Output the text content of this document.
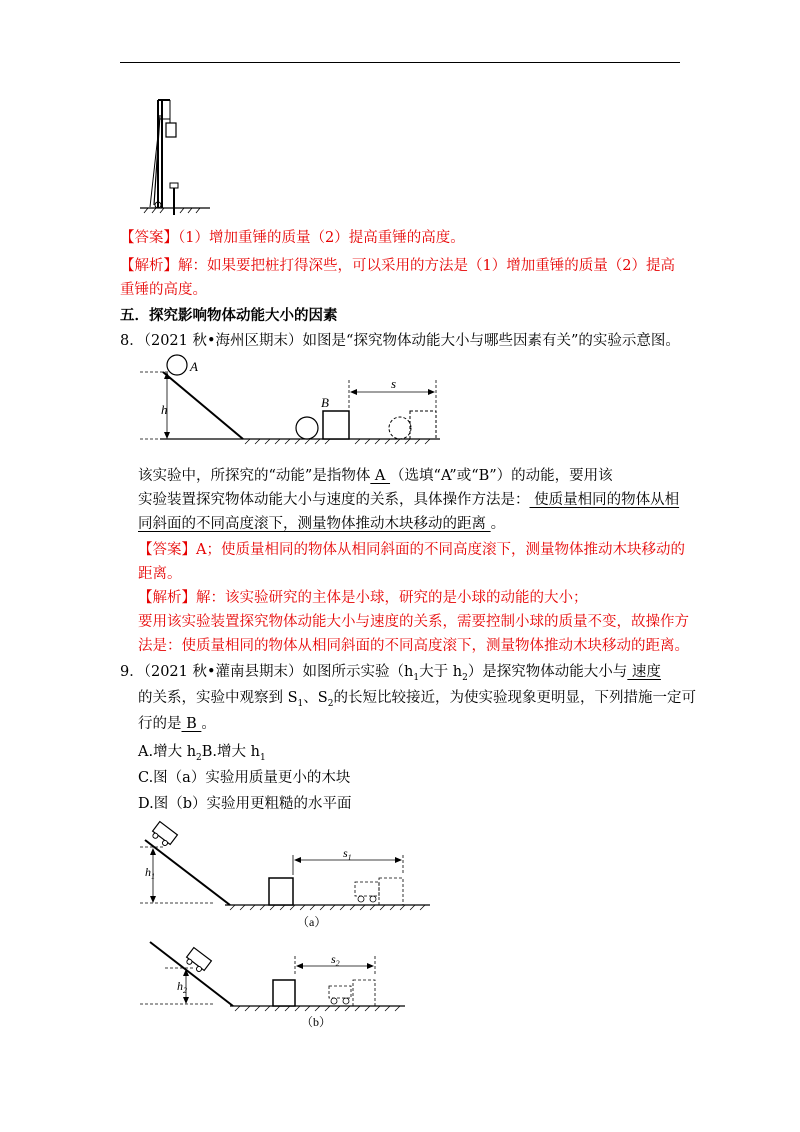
【答案】（1）增加重锤的质量（2）提高重锤的高度。
【解析】解：如果要把桩打得深些，可以采用的方法是（1）增加重锤的质量（2）提高
重锤的高度。
五．探究影响物体动能大小的因素
8．（2021 秋•海州区期末）如图是“探究物体动能大小与哪些因素有关”的实验示意图。
h
A
B
s
该实验中，所探究的“动能”是指物体 A （选填“A”或“B”）的动能，要用该
实验装置探究物体动能大小与速度的关系，具体操作方法是： 使质量相同的物体从相
同斜面的不同高度滚下，测量物体推动木块移动的距离 。
【答案】A；使质量相同的物体从相同斜面的不同高度滚下，测量物体推动木块移动的
距离。
【解析】解：该实验研究的主体是小球，研究的是小球的动能的大小；
要用该实验装置探究物体动能大小与速度的关系，需要控制小球的质量不变，故操作方
法是：使质量相同的物体从相同斜面的不同高度滚下，测量物体推动木块移动的距离。
9．（2021 秋•灌南县期末）如图所示实验（$h_1$大于 $h_2$）是探究物体动能大小与 速度
的关系，实验中观察到 $S_1$、$S_2$的长短比较接近，为使实验现象更明显，下列措施一定可
行的是 B 。
A.增大 $h_2B$.增大 $h_1$
C.图（a）实验用质量更小的木块
D.图（b）实验用更粗糙的水平面
$h_1$
$s_1$
（a）
$h_2$
$s_2$
（b）
